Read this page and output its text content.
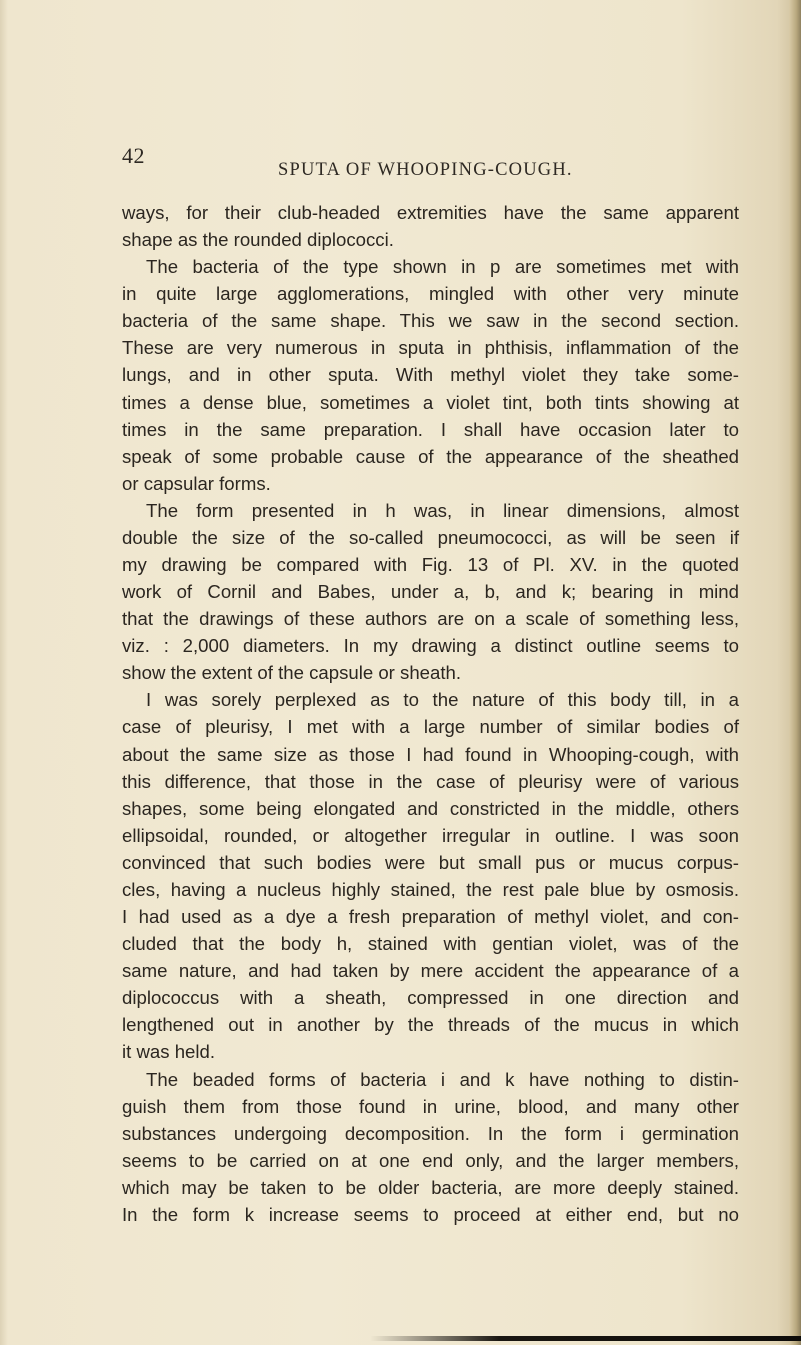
42
SPUTA OF WHOOPING-COUGH.
ways, for their club-headed extremities have the same apparent
shape as the rounded diplococci.
The bacteria of the type shown in p are sometimes met with
in quite large agglomerations, mingled with other very minute
bacteria of the same shape. This we saw in the second section.
These are very numerous in sputa in phthisis, inflammation of the
lungs, and in other sputa. With methyl violet they take some-
times a dense blue, sometimes a violet tint, both tints showing at
times in the same preparation. I shall have occasion later to
speak of some probable cause of the appearance of the sheathed
or capsular forms.
The form presented in h was, in linear dimensions, almost
double the size of the so-called pneumococci, as will be seen if
my drawing be compared with Fig. 13 of Pl. XV. in the quoted
work of Cornil and Babes, under a, b, and k; bearing in mind
that the drawings of these authors are on a scale of something less,
viz. : 2,000 diameters. In my drawing a distinct outline seems to
show the extent of the capsule or sheath.
I was sorely perplexed as to the nature of this body till, in a
case of pleurisy, I met with a large number of similar bodies of
about the same size as those I had found in Whooping-cough, with
this difference, that those in the case of pleurisy were of various
shapes, some being elongated and constricted in the middle, others
ellipsoidal, rounded, or altogether irregular in outline. I was soon
convinced that such bodies were but small pus or mucus corpus-
cles, having a nucleus highly stained, the rest pale blue by osmosis.
I had used as a dye a fresh preparation of methyl violet, and con-
cluded that the body h, stained with gentian violet, was of the
same nature, and had taken by mere accident the appearance of a
diplococcus with a sheath, compressed in one direction and
lengthened out in another by the threads of the mucus in which
it was held.
The beaded forms of bacteria i and k have nothing to distin-
guish them from those found in urine, blood, and many other
substances undergoing decomposition. In the form i germination
seems to be carried on at one end only, and the larger members,
which may be taken to be older bacteria, are more deeply stained.
In the form k increase seems to proceed at either end, but no
